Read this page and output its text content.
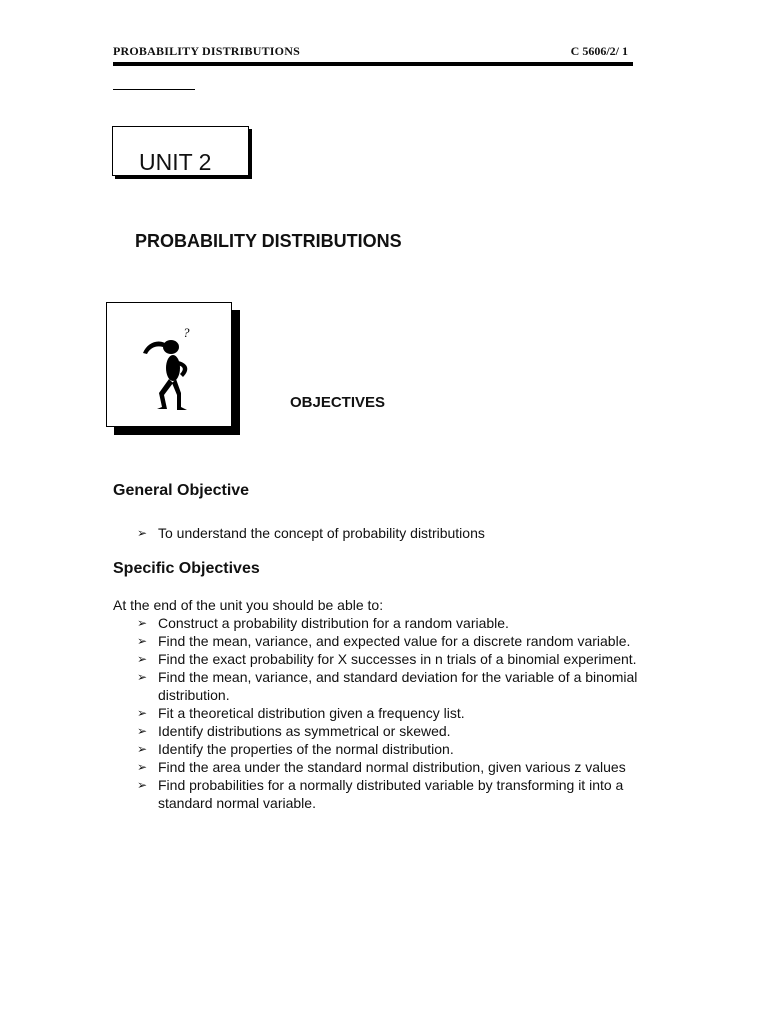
PROBABILITY DISTRIBUTIONS	C 5606/2/ 1
UNIT 2
PROBABILITY DISTRIBUTIONS
?
OBJECTIVES
General Objective
➢ To understand the concept of probability distributions
Specific Objectives
At the end of the unit you should be able to:
➢ Construct a probability distribution for a random variable.
➢ Find the mean, variance, and expected value for a discrete random variable.
➢ Find the exact probability for X successes in n trials of a binomial experiment.
➢ Find the mean, variance, and standard deviation for the variable of a binomial distribution.
➢ Fit a theoretical distribution given a frequency list.
➢ Identify distributions as symmetrical or skewed.
➢ Identify the properties of the normal distribution.
➢ Find the area under the standard normal distribution, given various z values
➢ Find probabilities for a normally distributed variable by transforming it into a standard normal variable.
